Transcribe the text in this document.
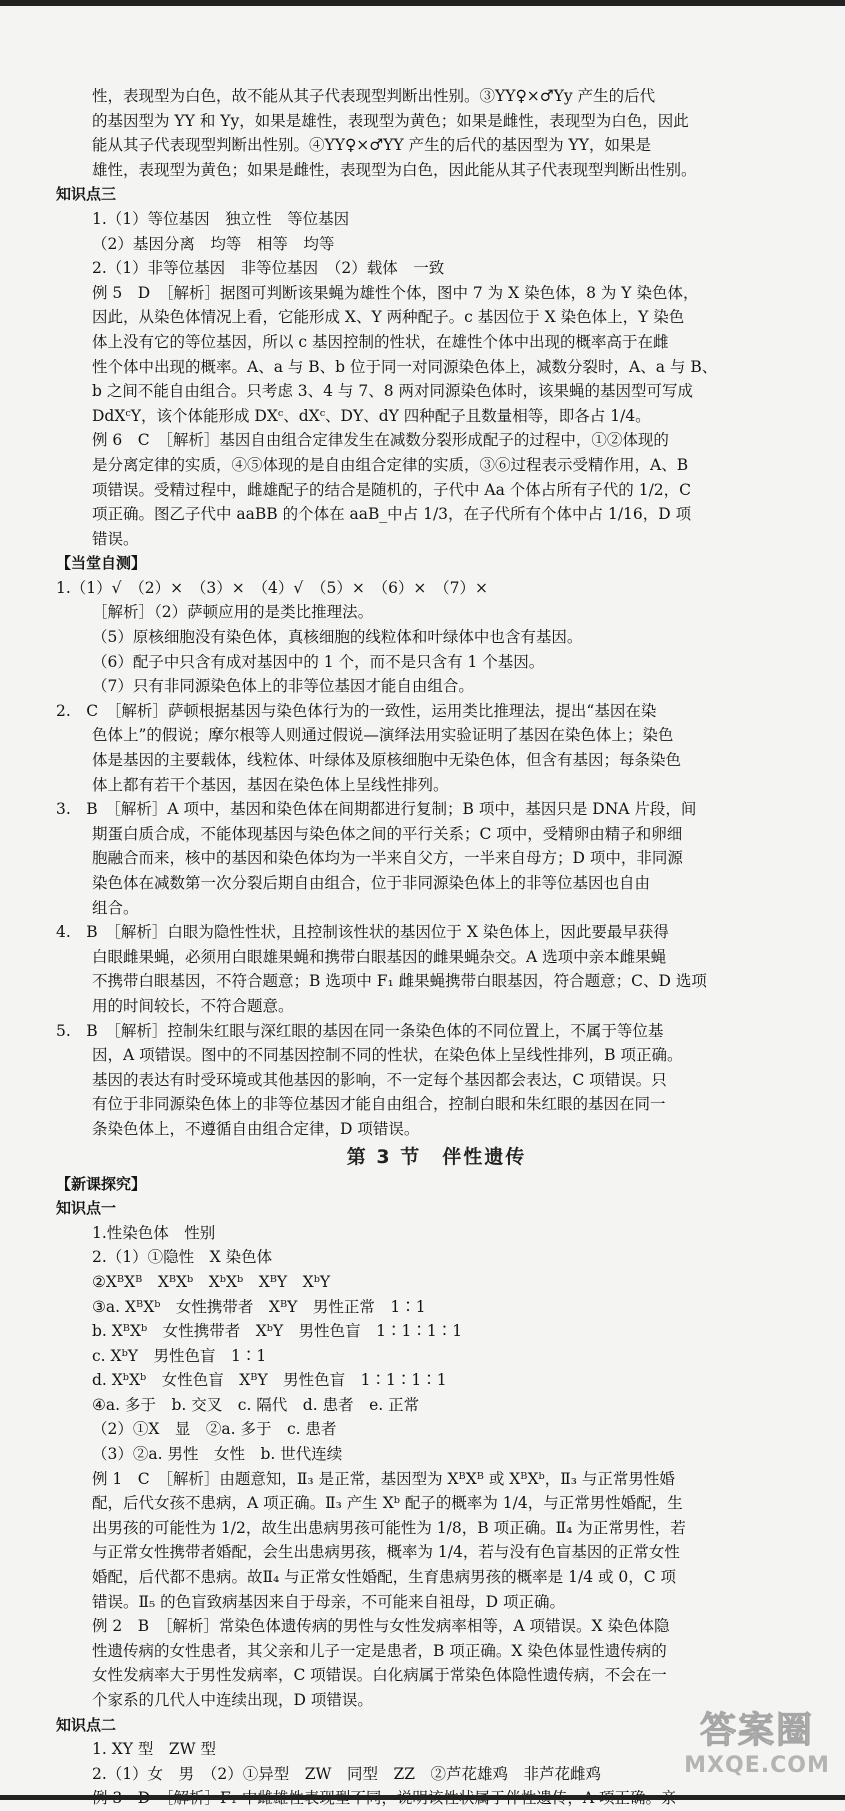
性，表现型为白色，故不能从其子代表现型判断出性别。③YY♀×♂Yy 产生的后代
的基因型为 YY 和 Yy，如果是雄性，表现型为黄色；如果是雌性，表现型为白色，因此
能从其子代表现型判断出性别。④YY♀×♂YY 产生的后代的基因型为 YY，如果是
雄性，表现型为黄色；如果是雌性，表现型为白色，因此能从其子代表现型判断出性别。
知识点三
1.（1）等位基因　独立性　等位基因
（2）基因分离　均等　相等　均等
2.（1）非等位基因　非等位基因　（2）载体　一致
例 5　D　［解析］据图可判断该果蝇为雄性个体，图中 7 为 X 染色体，8 为 Y 染色体，
因此，从染色体情况上看，它能形成 X、Y 两种配子。c 基因位于 X 染色体上，Y 染色
体上没有它的等位基因，所以 c 基因控制的性状，在雄性个体中出现的概率高于在雌
性个体中出现的概率。A、a 与 B、b 位于同一对同源染色体上，减数分裂时，A、a 与 B、
b 之间不能自由组合。只考虑 3、4 与 7、8 两对同源染色体时，该果蝇的基因型可写成
DdXᶜY，该个体能形成 DXᶜ、dXᶜ、DY、dY 四种配子且数量相等，即各占 1/4。
例 6　C　［解析］基因自由组合定律发生在减数分裂形成配子的过程中，①②体现的
是分离定律的实质，④⑤体现的是自由组合定律的实质，③⑥过程表示受精作用，A、B
项错误。受精过程中，雌雄配子的结合是随机的，子代中 Aa 个体占所有子代的 1/2，C
项正确。图乙子代中 aaBB 的个体在 aaB_中占 1/3，在子代所有个体中占 1/16，D 项
错误。
【当堂自测】
1.（1）√　（2）×　（3）×　（4）√　（5）×　（6）×　（7）×
［解析］（2）萨顿应用的是类比推理法。
（5）原核细胞没有染色体，真核细胞的线粒体和叶绿体中也含有基因。
（6）配子中只含有成对基因中的 1 个，而不是只含有 1 个基因。
（7）只有非同源染色体上的非等位基因才能自由组合。
2.　C　［解析］萨顿根据基因与染色体行为的一致性，运用类比推理法，提出“基因在染
色体上”的假说；摩尔根等人则通过假说—演绎法用实验证明了基因在染色体上；染色
体是基因的主要载体，线粒体、叶绿体及原核细胞中无染色体，但含有基因；每条染色
体上都有若干个基因，基因在染色体上呈线性排列。
3.　B　［解析］A 项中，基因和染色体在间期都进行复制；B 项中，基因只是 DNA 片段，间
期蛋白质合成，不能体现基因与染色体之间的平行关系；C 项中，受精卵由精子和卵细
胞融合而来，核中的基因和染色体均为一半来自父方，一半来自母方；D 项中，非同源
染色体在减数第一次分裂后期自由组合，位于非同源染色体上的非等位基因也自由
组合。
4.　B　［解析］白眼为隐性性状，且控制该性状的基因位于 X 染色体上，因此要最早获得
白眼雌果蝇，必须用白眼雄果蝇和携带白眼基因的雌果蝇杂交。A 选项中亲本雌果蝇
不携带白眼基因，不符合题意；B 选项中 F₁ 雌果蝇携带白眼基因，符合题意；C、D 选项
用的时间较长，不符合题意。
5.　B　［解析］控制朱红眼与深红眼的基因在同一条染色体的不同位置上，不属于等位基
因，A 项错误。图中的不同基因控制不同的性状，在染色体上呈线性排列，B 项正确。
基因的表达有时受环境或其他基因的影响，不一定每个基因都会表达，C 项错误。只
有位于非同源染色体上的非等位基因才能自由组合，控制白眼和朱红眼的基因在同一
条染色体上，不遵循自由组合定律，D 项错误。
第 3 节　伴性遗传
【新课探究】
知识点一
1.性染色体　性别
2.（1）①隐性　X 染色体
②XᴮXᴮ　XᴮXᵇ　XᵇXᵇ　XᴮY　XᵇY
③a. XᴮXᵇ　女性携带者　XᴮY　男性正常　1∶1
b. XᴮXᵇ　女性携带者　XᵇY　男性色盲　1∶1∶1∶1
c. XᵇY　男性色盲　1∶1
d. XᵇXᵇ　女性色盲　XᴮY　男性色盲　1∶1∶1∶1
④a. 多于　b. 交叉　c. 隔代　d. 患者　e. 正常
（2）①X　显　②a. 多于　c. 患者
（3）②a. 男性　女性　b. 世代连续
例 1　C　［解析］由题意知，Ⅱ₃ 是正常，基因型为 XᴮXᴮ 或 XᴮXᵇ，Ⅱ₃ 与正常男性婚
配，后代女孩不患病，A 项正确。Ⅱ₃ 产生 Xᵇ 配子的概率为 1/4，与正常男性婚配，生
出男孩的可能性为 1/2，故生出患病男孩可能性为 1/8，B 项正确。Ⅱ₄ 为正常男性，若
与正常女性携带者婚配，会生出患病男孩，概率为 1/4，若与没有色盲基因的正常女性
婚配，后代都不患病。故Ⅱ₄ 与正常女性婚配，生育患病男孩的概率是 1/4 或 0，C 项
错误。Ⅱ₅ 的色盲致病基因来自于母亲，不可能来自祖母，D 项正确。
例 2　B　［解析］常染色体遗传病的男性与女性发病率相等，A 项错误。X 染色体隐
性遗传病的女性患者，其父亲和儿子一定是患者，B 项正确。X 染色体显性遗传病的
女性发病率大于男性发病率，C 项错误。白化病属于常染色体隐性遗传病，不会在一
个家系的几代人中连续出现，D 项错误。
知识点二
1. XY 型　ZW 型
2.（1）女　男　（2）①异型　ZW　同型　ZZ　②芦花雄鸡　非芦花雌鸡
答案圈
MXQE.COM
